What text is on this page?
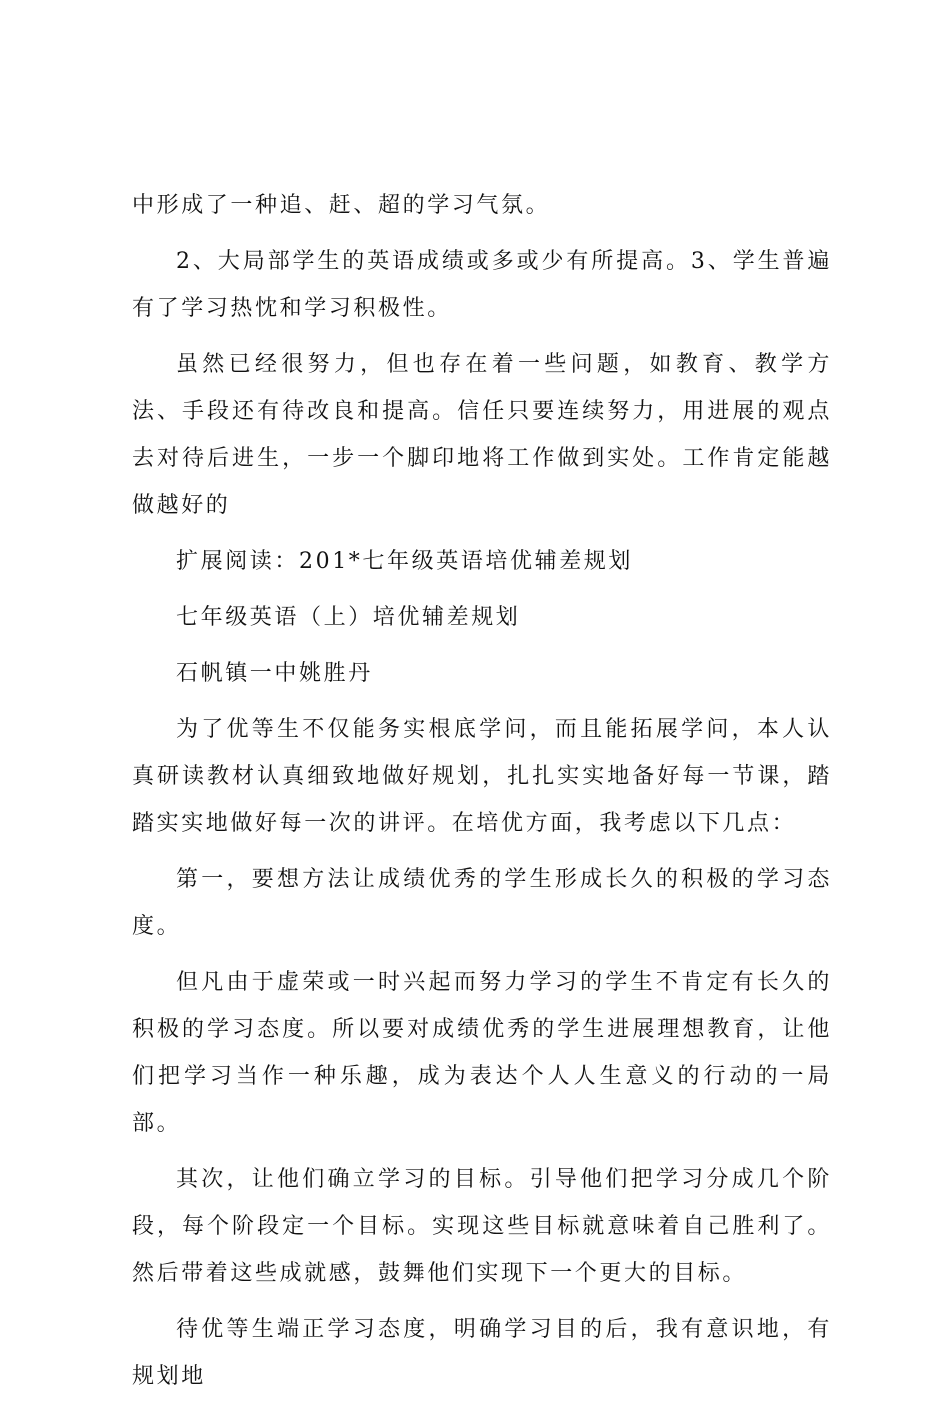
中形成了一种追、赶、超的学习气氛。

2、大局部学生的英语成绩或多或少有所提高。3、学生普遍有了学习热忱和学习积极性。

虽然已经很努力，但也存在着一些问题，如教育、教学方法、手段还有待改良和提高。信任只要连续努力，用进展的观点去对待后进生，一步一个脚印地将工作做到实处。工作肯定能越做越好的

扩展阅读：201*七年级英语培优辅差规划

七年级英语（上）培优辅差规划

石帆镇一中姚胜丹

为了优等生不仅能务实根底学问，而且能拓展学问，本人认真研读教材认真细致地做好规划，扎扎实实地备好每一节课，踏踏实实地做好每一次的讲评。在培优方面，我考虑以下几点：

第一，要想方法让成绩优秀的学生形成长久的积极的学习态度。

但凡由于虚荣或一时兴起而努力学习的学生不肯定有长久的积极的学习态度。所以要对成绩优秀的学生进展理想教育，让他们把学习当作一种乐趣，成为表达个人人生意义的行动的一局部。

其次，让他们确立学习的目标。引导他们把学习分成几个阶段，每个阶段定一个目标。实现这些目标就意味着自己胜利了。然后带着这些成就感，鼓舞他们实现下一个更大的目标。

待优等生端正学习态度，明确学习目的后，我有意识地，有规划地
